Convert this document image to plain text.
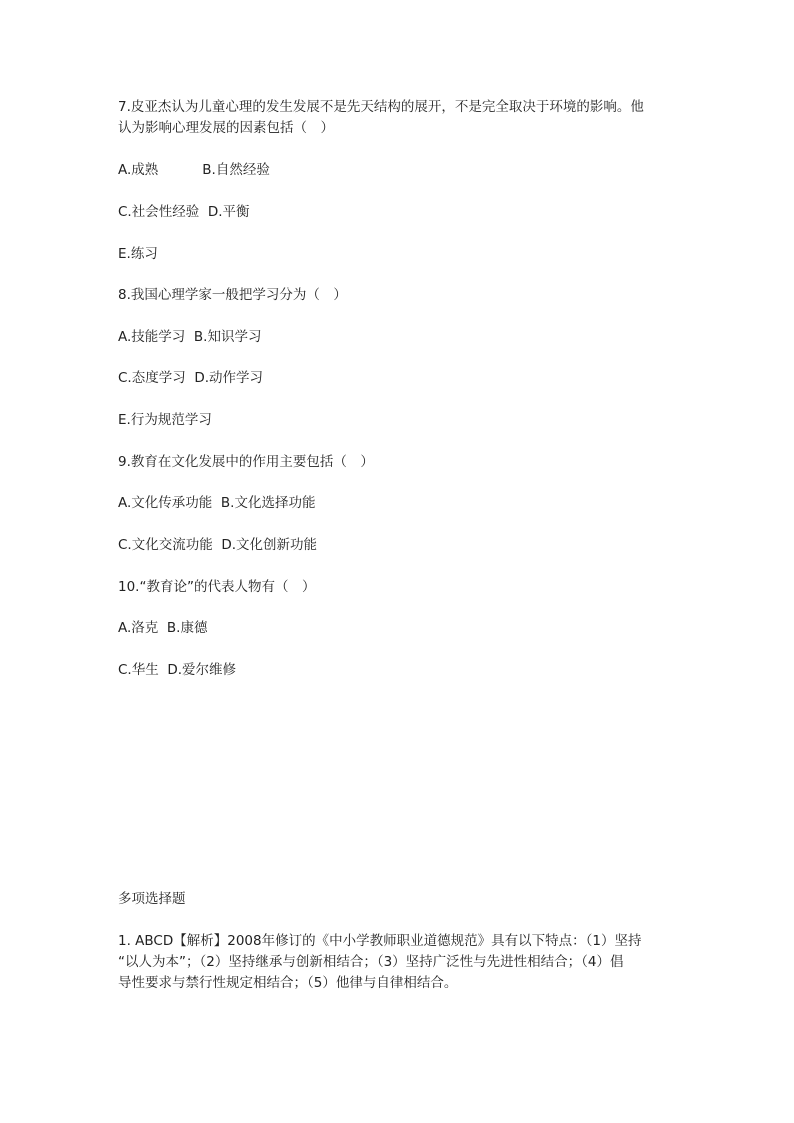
7.皮亚杰认为儿童心理的发生发展不是先天结构的展开，不是完全取决于环境的影响。他
认为影响心理发展的因素包括（　）
A.成熟	B.自然经验
C.社会性经验 D.平衡
E.练习
8.我国心理学家一般把学习分为（　）
A.技能学习 B.知识学习
C.态度学习 D.动作学习
E.行为规范学习
9.教育在文化发展中的作用主要包括（　）
A.文化传承功能 B.文化选择功能
C.文化交流功能 D.文化创新功能
10.“教育论”的代表人物有（　）
A.洛克 B.康德
C.华生 D.爱尔维修
多项选择题
1. ABCD【解析】2008年修订的《中小学教师职业道德规范》具有以下特点：（1）坚持
“以人为本”；（2）坚持继承与创新相结合；（3）坚持广泛性与先进性相结合；（4）倡
导性要求与禁行性规定相结合；（5）他律与自律相结合。
